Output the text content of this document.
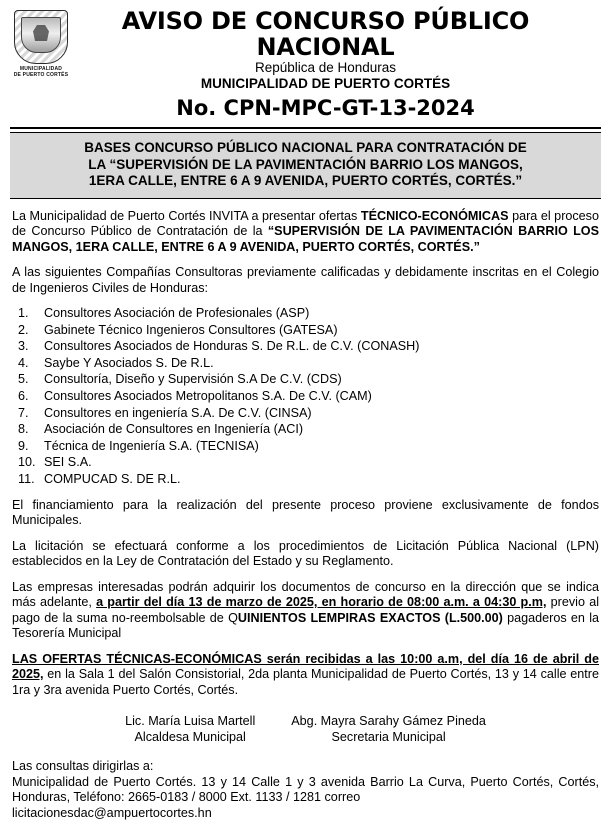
MUNICIPALIDAD
DE PUERTO CORTÉS
AVISO DE CONCURSO PÚBLICO NACIONAL
República de Honduras
MUNICIPALIDAD DE PUERTO CORTÉS
No. CPN-MPC-GT-13-2024

BASES CONCURSO PÚBLICO NACIONAL PARA CONTRATACIÓN DE

LA “SUPERVISIÓN DE LA PAVIMENTACIÓN BARRIO LOS MANGOS,

1ERA CALLE, ENTRE 6 A 9 AVENIDA, PUERTO CORTÉS, CORTÉS.”

La Municipalidad de Puerto Cortés INVITA a presentar ofertas TÉCNICO-ECONÓMICAS para el proceso de Concurso Público de Contratación de la “SUPERVISIÓN DE LA PAVIMENTACIÓN BARRIO LOS MANGOS, 1ERA CALLE, ENTRE 6 A 9 AVENIDA, PUERTO CORTÉS, CORTÉS.”

A las siguientes Compañías Consultoras previamente calificadas y debidamente inscritas en el Colegio de Ingenieros Civiles de Honduras:

1.	Consultores Asociación de Profesionales (ASP)
2.	Gabinete Técnico Ingenieros Consultores (GATESA)
3.	Consultores Asociados de Honduras S. De R.L. de C.V. (CONASH)
4.	Saybe Y Asociados S. De R.L.
5.	Consultoría, Diseño y Supervisión S.A De C.V. (CDS)
6.	Consultores Asociados Metropolitanos S.A. De C.V. (CAM)
7.	Consultores en ingeniería S.A. De C.V. (CINSA)
8.	Asociación de Consultores en Ingeniería (ACI)
9.	Técnica de Ingeniería S.A. (TECNISA)
10. SEI S.A.
11. COMPUCAD S. DE R.L.

El financiamiento para la realización del presente proceso proviene exclusivamente de fondos Municipales.

La licitación se efectuará conforme a los procedimientos de Licitación Pública Nacional (LPN) establecidos en la Ley de Contratación del Estado y su Reglamento.

Las empresas interesadas podrán adquirir los documentos de concurso en la dirección que se indica más adelante, a partir del día 13 de marzo de 2025, en horario de 08:00 a.m. a 04:30 p.m, previo al pago de la suma no-reembolsable de QUINIENTOS LEMPIRAS EXACTOS (L.500.00) pagaderos en la Tesorería Municipal

LAS OFERTAS TÉCNICAS-ECONÓMICAS serán recibidas a las 10:00 a.m, del día 16 de abril de 2025, en la Sala 1 del Salón Consistorial, 2da planta Municipalidad de Puerto Cortés, 13 y 14 calle entre 1ra y 3ra avenida Puerto Cortés, Cortés.

Lic. María Luisa Martell
Alcaldesa Municipal
Abg. Mayra Sarahy Gámez Pineda
Secretaria Municipal
Las consultas dirigirlas a:
Municipalidad de Puerto Cortés. 13 y 14 Calle 1 y 3 avenida Barrio La Curva, Puerto Cortés, Cortés, Honduras, Teléfono: 2665-0183 / 8000 Ext. 1133 / 1281 correo
licitacionesdac@ampuertocortes.hn
